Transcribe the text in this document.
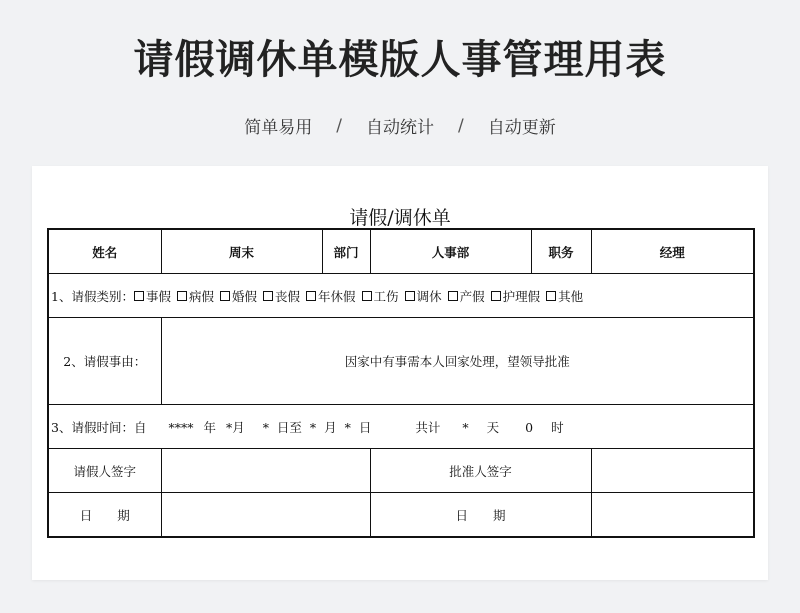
请假调休单模版人事管理用表
简单易用 / 自动统计 / 自动更新
请假/调休单
姓名	周末	部门	人事部	职务	经理
1、请假类别： 事假 病假 婚假 丧假 年休假 工伤 调休 产假 护理假 其他					
2、请假事由：	因家中有事需本人回家处理，望领导批准				
3、请假时间：自 **** 年 *月 * 日至 * 月 * 日 共计 * 天 0 时					
请假人签字			批准人签字		
日　　期			日　　期		
